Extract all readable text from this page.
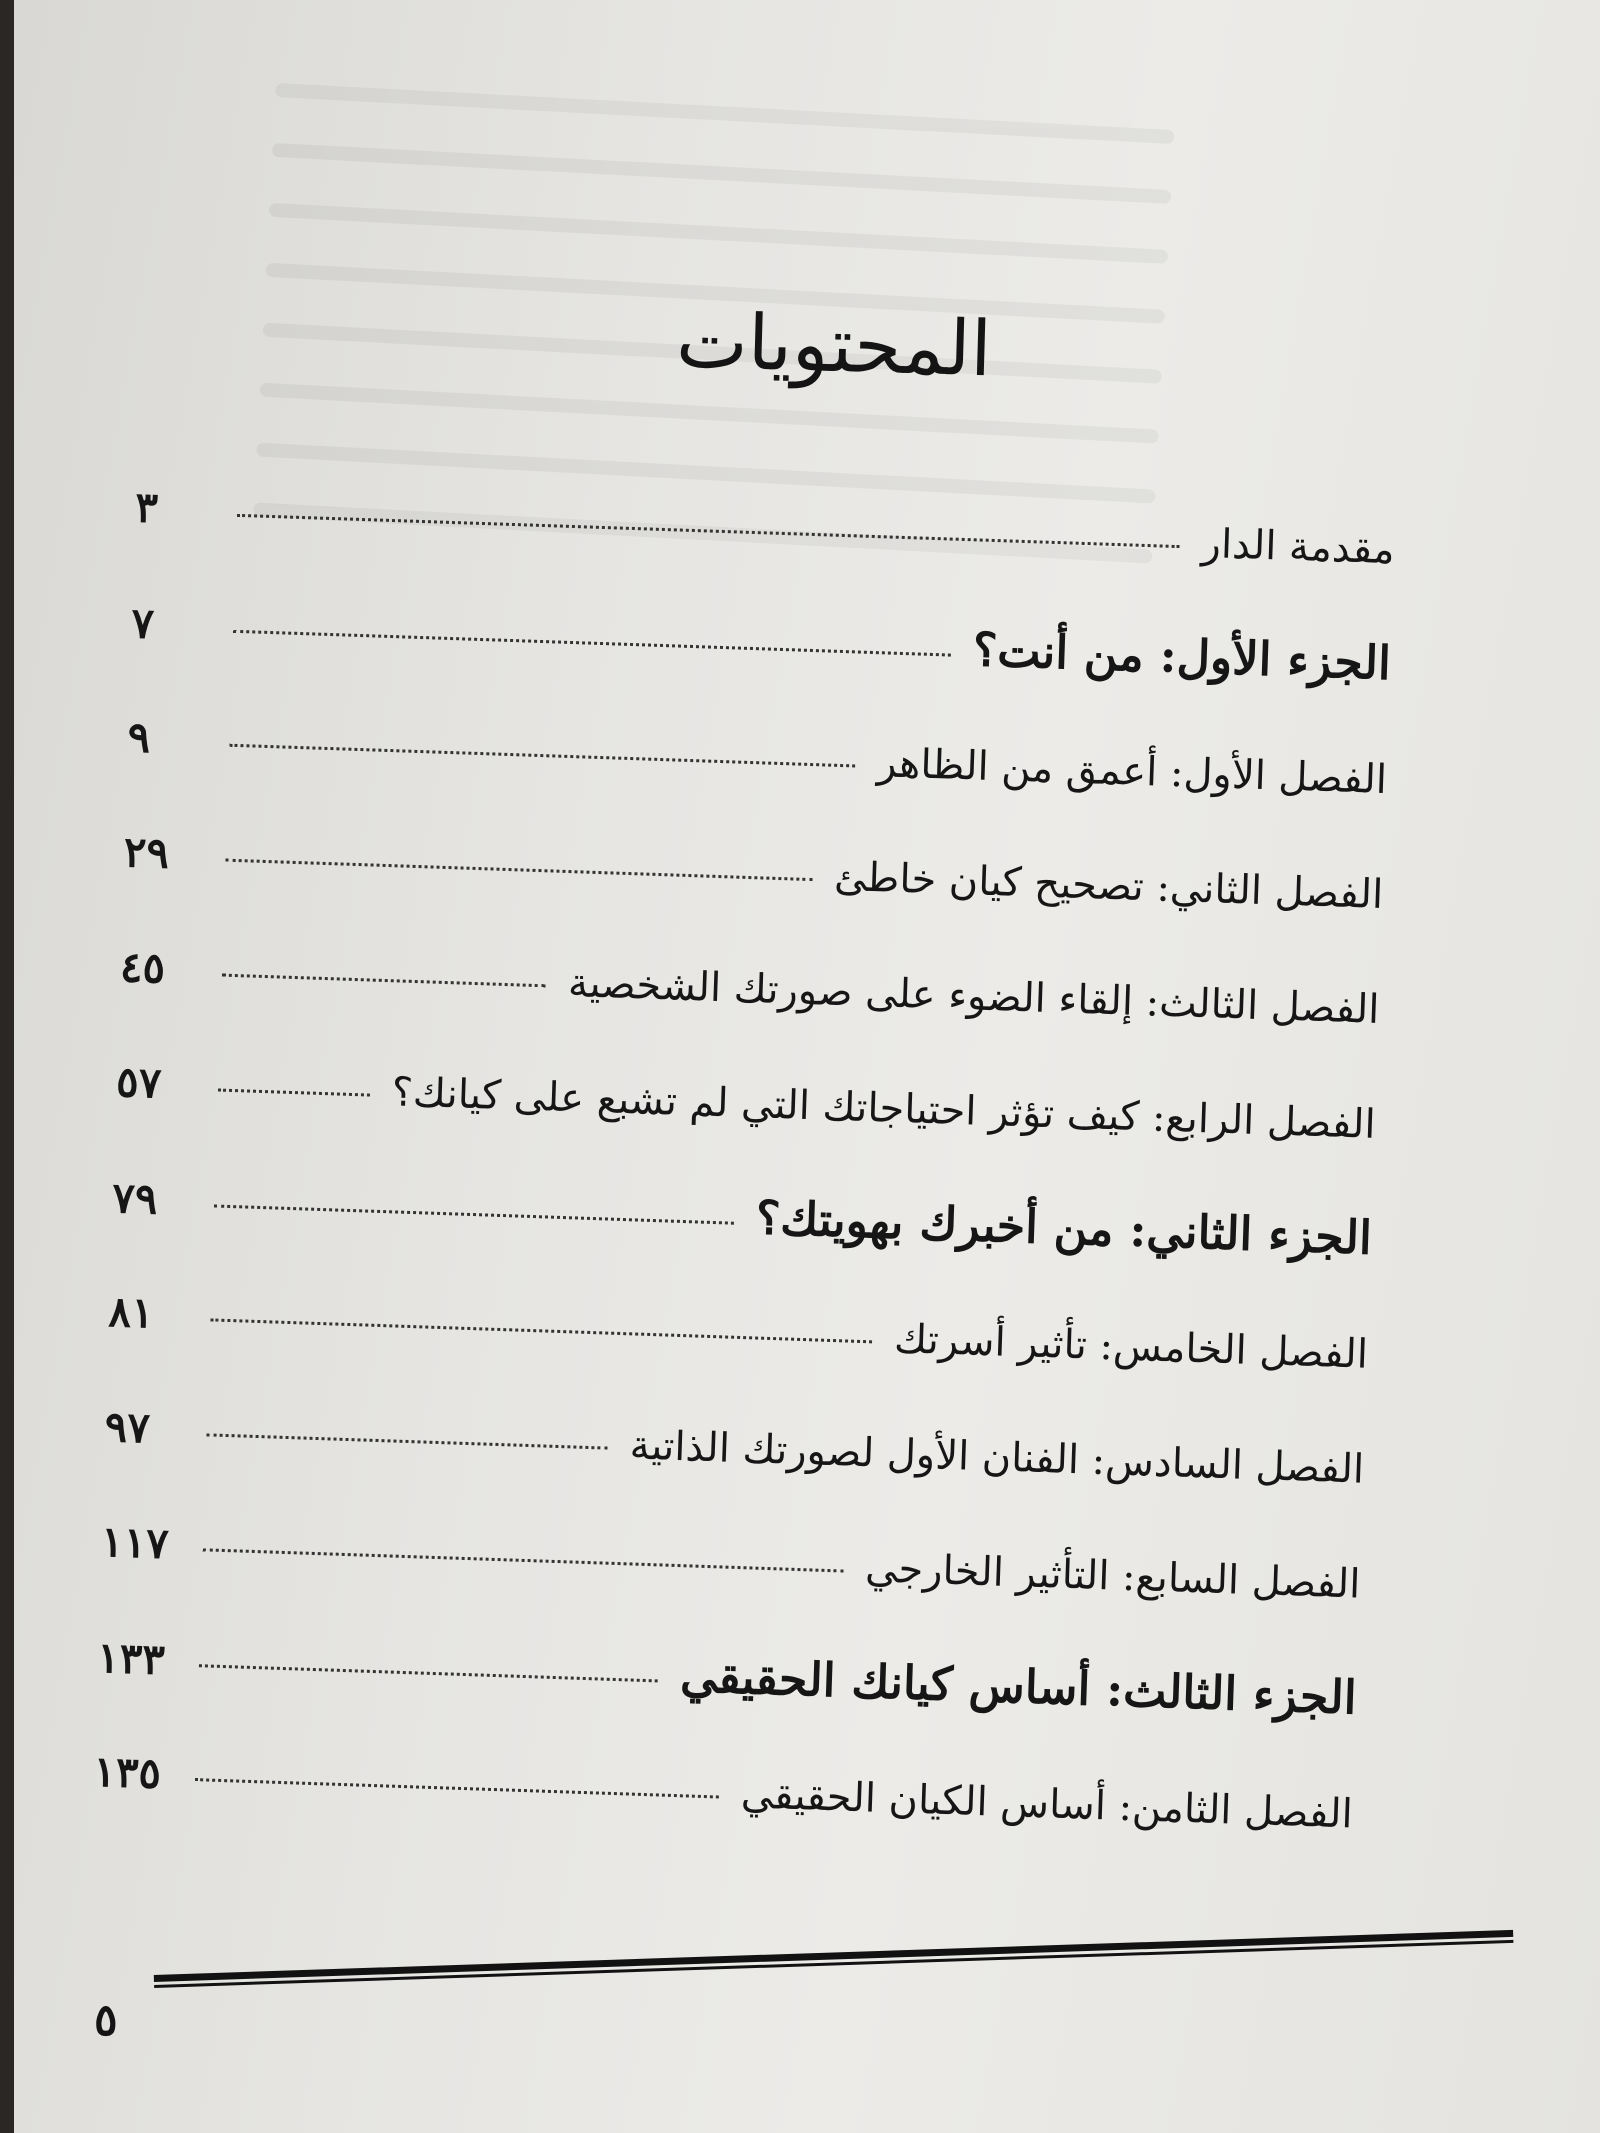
المحتويات
مقدمة الدار
٣
الجزء الأول: من أنت؟
٧
الفصل الأول: أعمق من الظاهر
٩
الفصل الثاني: تصحيح كيان خاطئ
٢٩
الفصل الثالث: إلقاء الضوء على صورتك الشخصية
٤٥
الفصل الرابع: كيف تؤثر احتياجاتك التي لم تشبع على كيانك؟
٥٧
الجزء الثاني: من أخبرك بهويتك؟
٧٩
الفصل الخامس: تأثير أسرتك
٨١
الفصل السادس: الفنان الأول لصورتك الذاتية
٩٧
الفصل السابع: التأثير الخارجي
١١٧
الجزء الثالث: أساس كيانك الحقيقي
١٣٣
الفصل الثامن: أساس الكيان الحقيقي
١٣٥
٥
